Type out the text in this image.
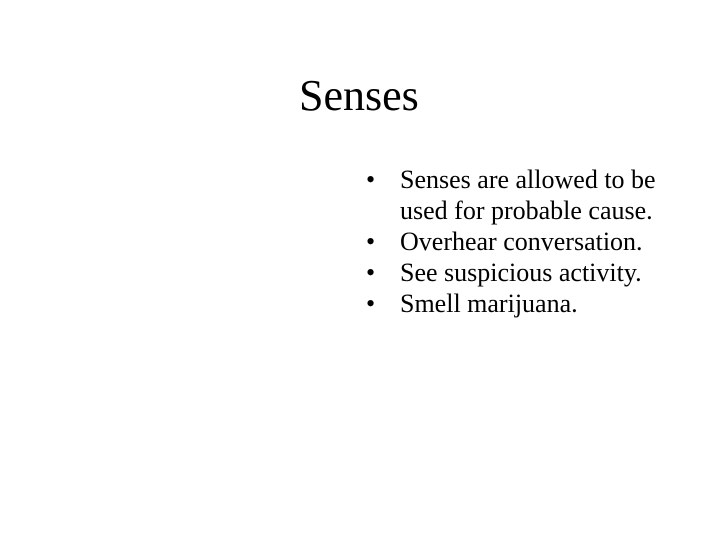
Senses
• Senses are allowed to be used for probable cause.
• Overhear conversation.
• See suspicious activity.
• Smell marijuana.
